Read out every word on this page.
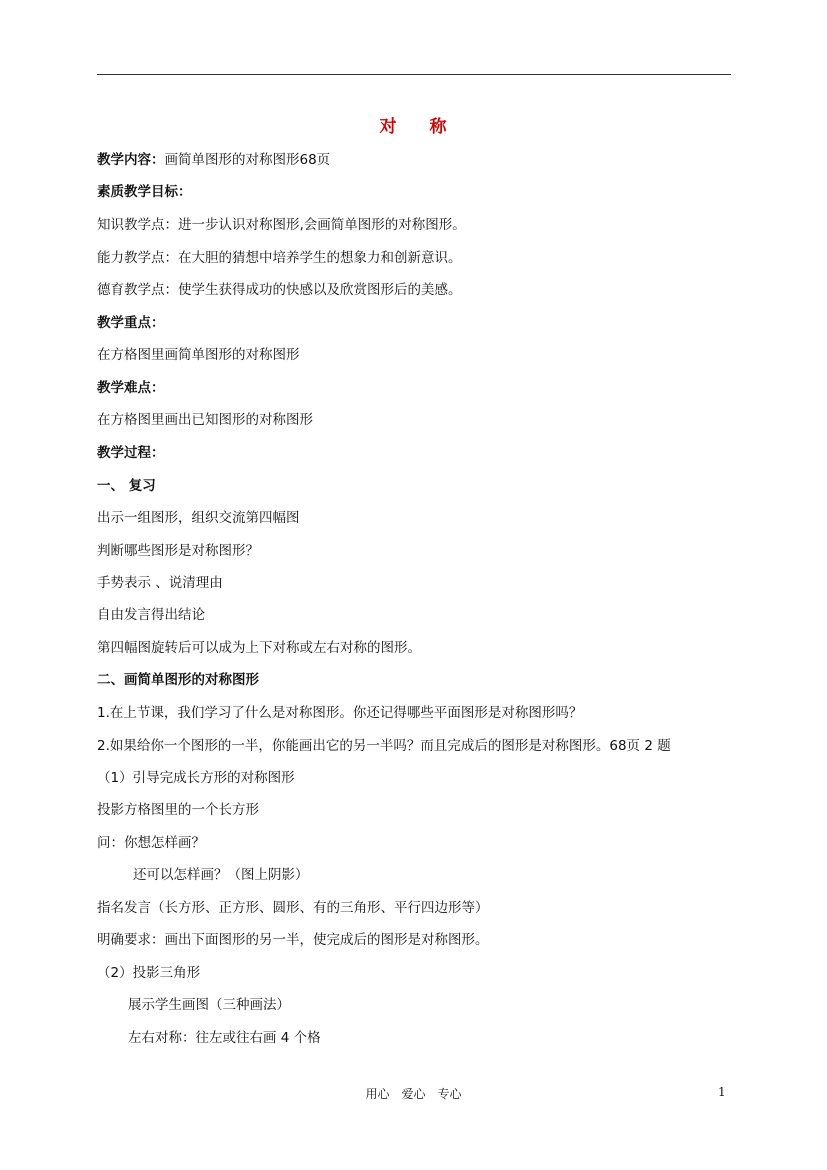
对 称
教学内容：画简单图形的对称图形68页
素质教学目标：
知识教学点：进一步认识对称图形,会画简单图形的对称图形。
能力教学点：在大胆的猜想中培养学生的想象力和创新意识。
德育教学点：使学生获得成功的快感以及欣赏图形后的美感。
教学重点：
在方格图里画简单图形的对称图形
教学难点：
在方格图里画出已知图形的对称图形
教学过程：
一、 复习
出示一组图形，组织交流第四幅图
判断哪些图形是对称图形？
手势表示 、说清理由
自由发言得出结论
第四幅图旋转后可以成为上下对称或左右对称的图形。
二、画简单图形的对称图形
1.在上节课，我们学习了什么是对称图形。你还记得哪些平面图形是对称图形吗？
2.如果给你一个图形的一半，你能画出它的另一半吗？而且完成后的图形是对称图形。68页 2 题
（1）引导完成长方形的对称图形
投影方格图里的一个长方形
问：你想怎样画？
还可以怎样画？（图上阴影）
指名发言（长方形、正方形、圆形、有的三角形、平行四边形等）
明确要求：画出下面图形的另一半，使完成后的图形是对称图形。
（2）投影三角形
展示学生画图（三种画法）
左右对称：往左或往右画 4 个格
用心 爱心 专心	1
